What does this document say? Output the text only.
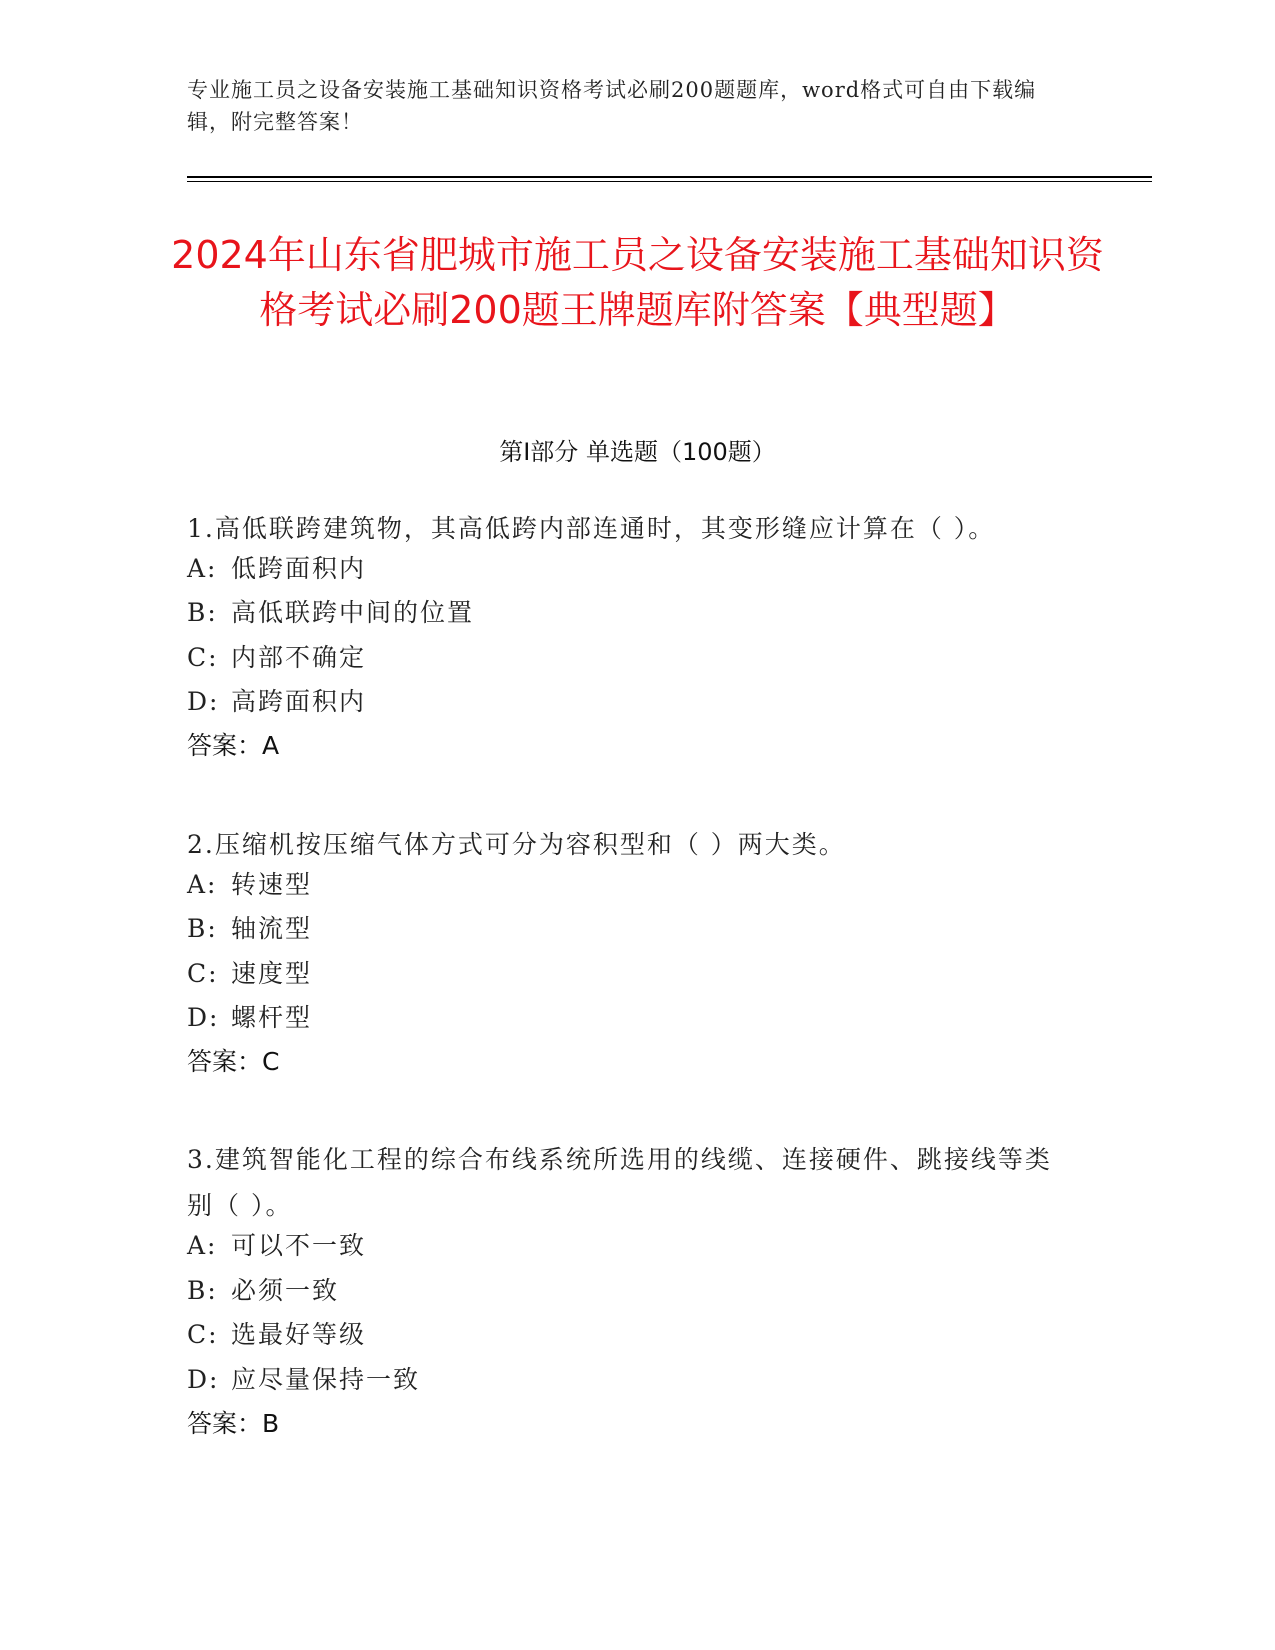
专业施工员之设备安装施工基础知识资格考试必刷200题题库，word格式可自由下载编辑，附完整答案！
2024年山东省肥城市施工员之设备安装施工基础知识资格考试必刷200题王牌题库附答案【典型题】
第Ⅰ部分 单选题（100题）
1.高低联跨建筑物，其高低跨内部连通时，其变形缝应计算在（ ）。
A: 低跨面积内
B: 高低联跨中间的位置
C: 内部不确定
D: 高跨面积内
答案：A
2.压缩机按压缩气体方式可分为容积型和（ ）两大类。
A: 转速型
B: 轴流型
C: 速度型
D: 螺杆型
答案：C
3.建筑智能化工程的综合布线系统所选用的线缆、连接硬件、跳接线等类别（ ）。
A: 可以不一致
B: 必须一致
C: 选最好等级
D: 应尽量保持一致
答案：B
